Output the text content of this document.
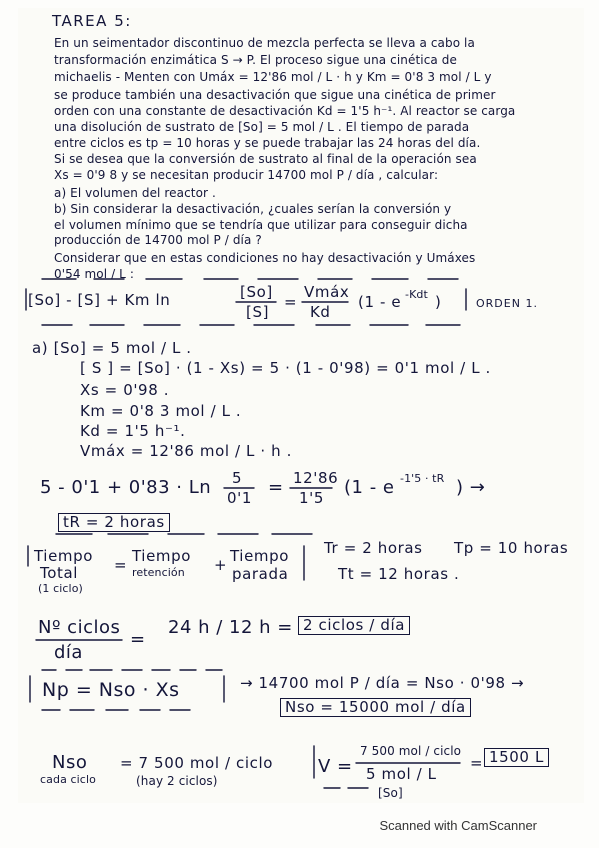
TAREA 5:
En un seimentador discontinuo de mezcla perfecta se lleva a cabo la
transformación enzimática S → P. El proceso sigue una cinética de
michaelis - Menten con Umáx = 12'86 mol / L · h y Km = 0'8 3 mol / L y
se produce también una desactivación que sigue una cinética de primer
orden con una constante de desactivación Kd = 1'5 h⁻¹. Al reactor se carga
una disolución de sustrato de [So] = 5 mol / L . El tiempo de parada
entre ciclos es tp = 10 horas y se puede trabajar las 24 horas del día.
Si se desea que la conversión de sustrato al final de la operación sea
Xs = 0'9 8 y se necesitan producir 14700 mol P / día , calcular:
a) El volumen del reactor .
b) Sin considerar la desactivación, ¿cuales serían la conversión y
el volumen mínimo que se tendría que utilizar para conseguir dicha
producción de 14700 mol P / día ?
Considerar que en estas condiciones no hay desactivación y Umáxes
0'54 mol / L :
[So] - [S] + Km ln	[So]
[S]
=
Vmáx
Kd
(1 - e -Kdt )	ORDEN 1.
a) [So] = 5 mol / L .
[ S ] = [So] · (1 - Xs) = 5 · (1 - 0'98) = 0'1 mol / L .
Xs = 0'98 .
Km = 0'8 3 mol / L .
Kd = 1'5 h⁻¹.
Vmáx = 12'86 mol / L · h .
5 - 0'1 + 0'83 · Ln 5
0'1 = 12'86
1'5 (1 - e -1'5 · tR ) →
tR = 2 horas
Tiempo
Total
(1 ciclo)
= Tiempo
retención + Tiempo
parada
Tr = 2 horas Tp = 10 horas
Tt = 12 horas .
Nº ciclos
día
=
24 h / 12 h = 2 ciclos / día
Np = Nso · Xs	→ 14700 mol P / día = Nso · 0'98 →
Nso = 15000 mol / día
Nso
cada ciclo
= 7 500 mol / ciclo
(hay 2 ciclos)
V =
7 500 mol / ciclo
5 mol / L
= 1500 L
[So]
Scanned with CamScanner
